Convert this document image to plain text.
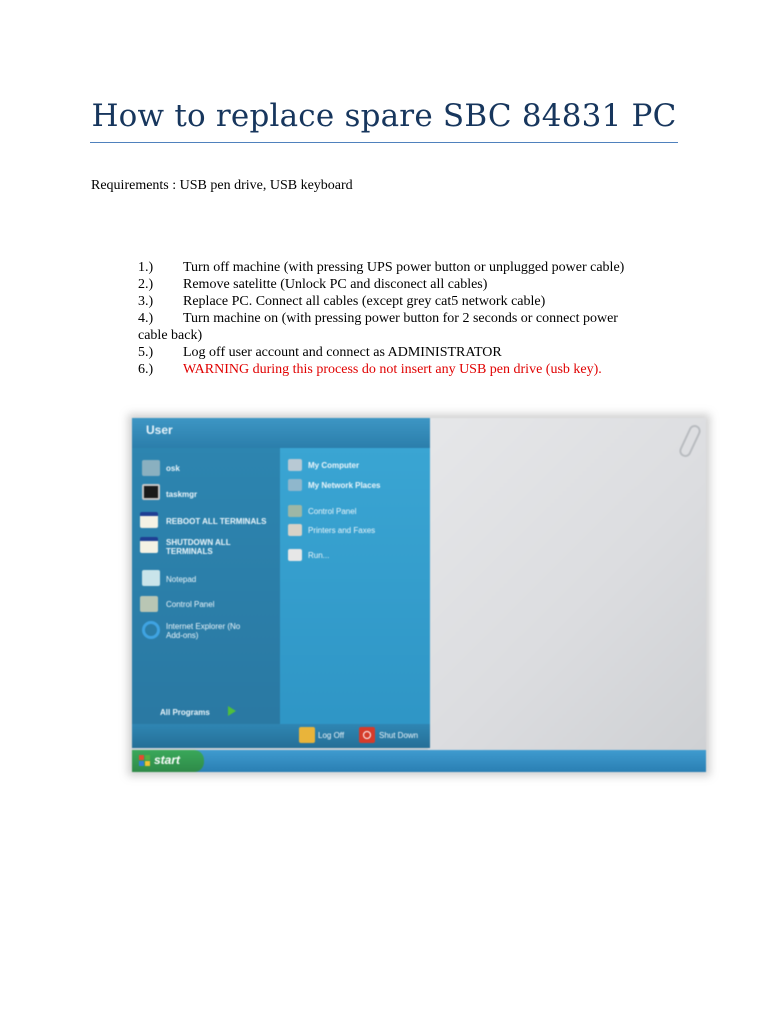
How to replace spare SBC 84831 PC
Requirements : USB pen drive, USB keyboard
1.) Turn off machine (with pressing UPS power button or unplugged power cable)
2.) Remove satelitte (Unlock PC and disconect all cables)
3.) Replace PC. Connect all cables (except grey cat5 network cable)
4.) Turn machine on (with pressing power button for 2 seconds or connect power
cable back)
5.) Log off user account and connect as ADMINISTRATOR
6.) WARNING during this process do not insert any USB pen drive (usb key).
User
osk
taskmgr
REBOOT ALL TERMINALS
SHUTDOWN ALL
TERMINALS
Notepad
Control Panel
Internet Explorer (No
Add-ons)
All Programs
My Computer
My Network Places
Control Panel
Printers and Faxes
Run...
Log Off	Shut Down
start
